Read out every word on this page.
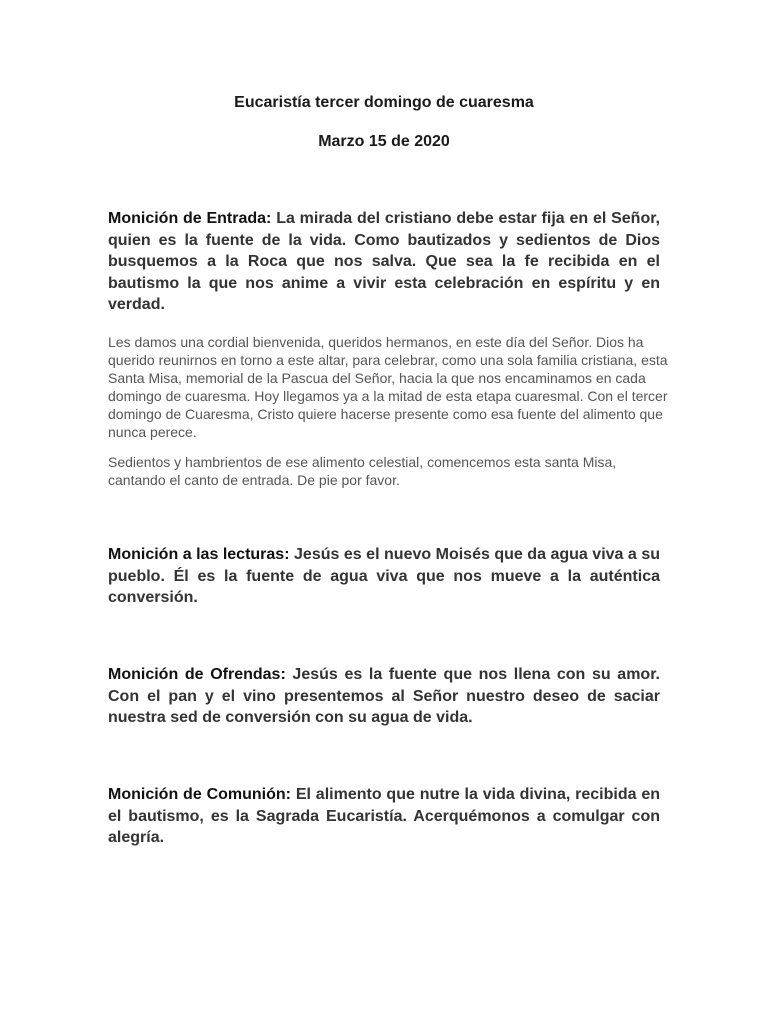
Eucaristía tercer domingo de cuaresma
Marzo 15 de 2020
Monición de Entrada: La mirada del cristiano debe estar fija en el Señor, quien es la fuente de la vida. Como bautizados y sedientos de Dios busquemos a la Roca que nos salva. Que sea la fe recibida en el bautismo la que nos anime a vivir esta celebración en espíritu y en verdad.
Les damos una cordial bienvenida, queridos hermanos, en este día del Señor. Dios ha querido reunirnos en torno a este altar, para celebrar, como una sola familia cristiana, esta Santa Misa, memorial de la Pascua del Señor, hacia la que nos encaminamos en cada domingo de cuaresma. Hoy llegamos ya a la mitad de esta etapa cuaresmal. Con el tercer domingo de Cuaresma, Cristo quiere hacerse presente como esa fuente del alimento que nunca perece.
Sedientos y hambrientos de ese alimento celestial, comencemos esta santa Misa, cantando el canto de entrada. De pie por favor.
Monición a las lecturas: Jesús es el nuevo Moisés que da agua viva a su pueblo. Él es la fuente de agua viva que nos mueve a la auténtica conversión.
Monición de Ofrendas: Jesús es la fuente que nos llena con su amor. Con el pan y el vino presentemos al Señor nuestro deseo de saciar nuestra sed de conversión con su agua de vida.
Monición de Comunión: El alimento que nutre la vida divina, recibida en el bautismo, es la Sagrada Eucaristía. Acerquémonos a comulgar con alegría.
